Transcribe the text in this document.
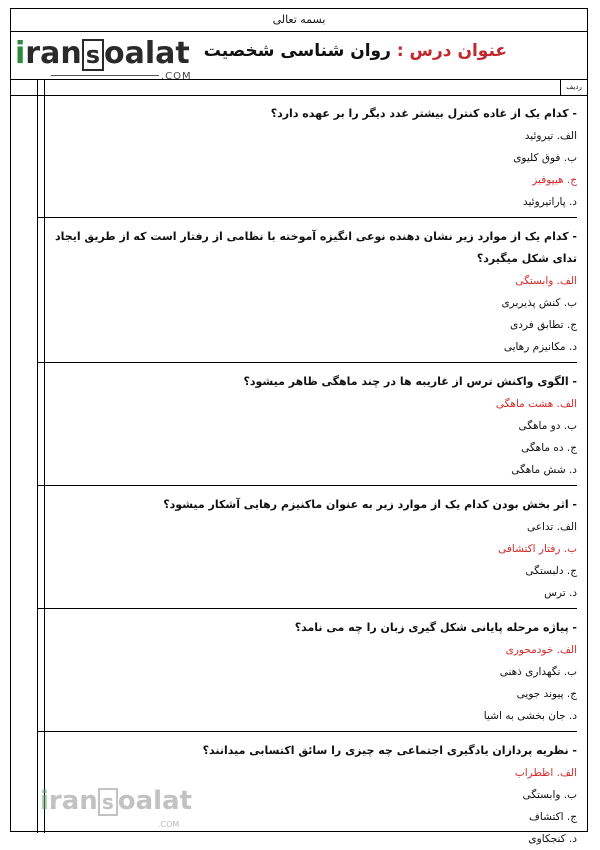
بسمه تعالی
iran s oalat
.COM
عنوان درس : روان شناسی شخصیت
ردیف
- کدام یک از غاده کنترل بیشتر غدد دیگر را بر عهده دارد؟
الف. تیروئید
ب. فوق کلیوی
ج. هیپوفیز
د. پاراتیروئید
- کدام یک از موارد زیر نشان دهنده نوعی انگیزه آموخته با نظامی از رفتار است که از طریق ایجاد تدای شکل میگیرد؟
الف. وابستگی
ب. کنش پذیربری
ج. تطابق فردی
د. مکانیزم رهایی
- الگوی واکنش ترس از غاریبه ها در چند ماهگی ظاهر میشود؟
الف. هشت ماهگی
ب. دو ماهگی
ج. ده ماهگی
د. شش ماهگی
- اثر بخش بودن کدام یک از موارد زیر به عنوان ماکنیزم رهایی آشکار میشود؟
الف. تداعی
ب. رفتار اکتشافی
ج. دلبستگی
د. ترس
- پیاژه مرحله پایانی شکل گیری زبان را چه می نامد؟
الف. خودمحوری
ب. نگهداری ذهنی
ج. پیوند جویی
د. جان بخشی به اشیا
- نظریه پردازان یادگیری اجتماعی چه چیزی را سائق اکتسابی میدانند؟
الف. اظطراب
ب. وابستگی
ج. اکتشاف
د. کنجکاوی
iran s oalat
.COM
